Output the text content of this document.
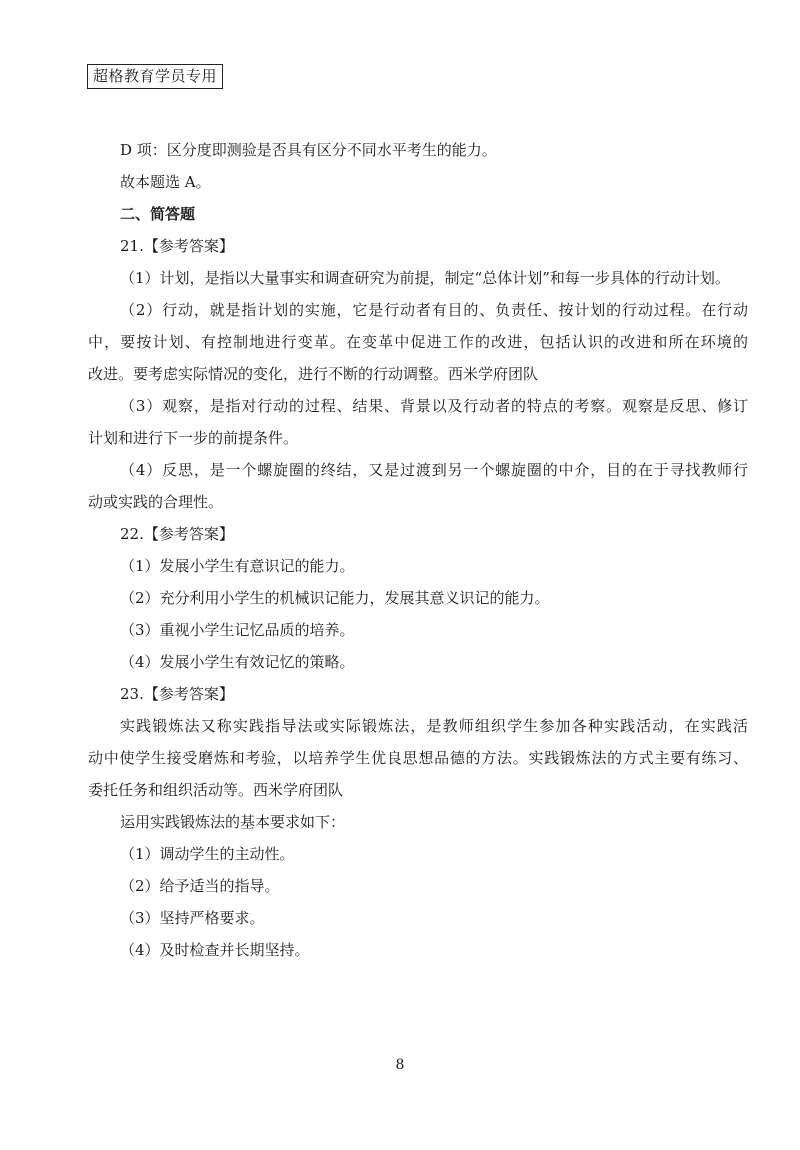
超格教育学员专用
D 项：区分度即测验是否具有区分不同水平考生的能力。
故本题选 A。
二、简答题
21.【参考答案】
（1）计划，是指以大量事实和调查研究为前提，制定“总体计划”和每一步具体的行动计划。
（2）行动，就是指计划的实施，它是行动者有目的、负责任、按计划的行动过程。在行动
中，要按计划、有控制地进行变革。在变革中促进工作的改进，包括认识的改进和所在环境的
改进。要考虑实际情况的变化，进行不断的行动调整。西米学府团队
（3）观察，是指对行动的过程、结果、背景以及行动者的特点的考察。观察是反思、修订
计划和进行下一步的前提条件。
（4）反思，是一个螺旋圈的终结，又是过渡到另一个螺旋圈的中介，目的在于寻找教师行
动或实践的合理性。
22.【参考答案】
（1）发展小学生有意识记的能力。
（2）充分利用小学生的机械识记能力，发展其意义识记的能力。
（3）重视小学生记忆品质的培养。
（4）发展小学生有效记忆的策略。
23.【参考答案】
实践锻炼法又称实践指导法或实际锻炼法，是教师组织学生参加各种实践活动，在实践活
动中使学生接受磨炼和考验，以培养学生优良思想品德的方法。实践锻炼法的方式主要有练习、
委托任务和组织活动等。西米学府团队
运用实践锻炼法的基本要求如下：
（1）调动学生的主动性。
（2）给予适当的指导。
（3）坚持严格要求。
（4）及时检查并长期坚持。
8
